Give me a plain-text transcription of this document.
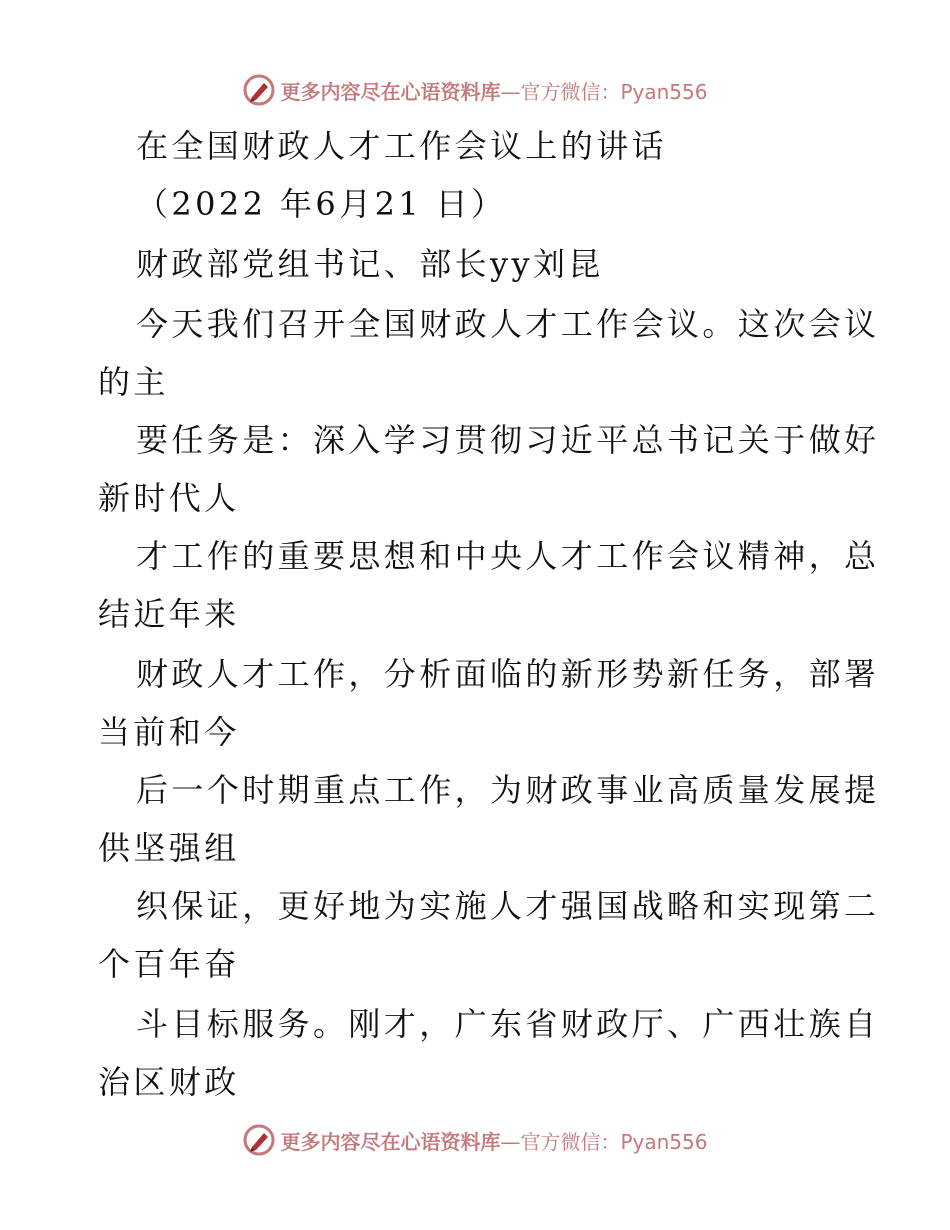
更多内容尽在心语资料库—官方微信：Pyan556
在全国财政人才工作会议上的讲话
（2022 年6月21 日）
财政部党组书记、部长yy刘昆
今天我们召开全国财政人才工作会议。这次会议
的主
要任务是：深入学习贯彻习近平总书记关于做好
新时代人
才工作的重要思想和中央人才工作会议精神，总
结近年来
财政人才工作，分析面临的新形势新任务，部署
当前和今
后一个时期重点工作，为财政事业高质量发展提
供坚强组
织保证，更好地为实施人才强国战略和实现第二
个百年奋
斗目标服务。刚才，广东省财政厅、广西壮族自
治区财政
更多内容尽在心语资料库—官方微信：Pyan556
